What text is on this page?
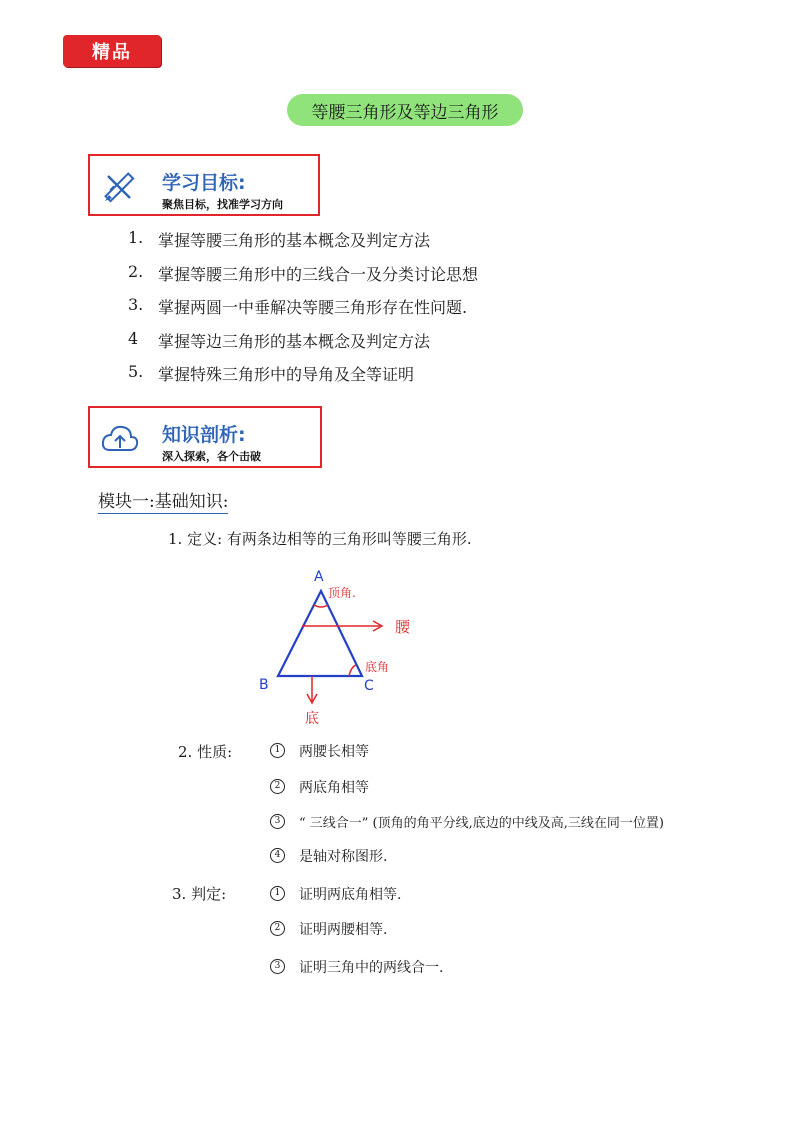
精品
等腰三角形及等边三角形
学习目标:
聚焦目标，找准学习方向
1. 掌握等腰三角形的基本概念及判定方法
2. 掌握等腰三角形中的三线合一及分类讨论思想
3. 掌握两圆一中垂解决等腰三角形存在性问题.
4	掌握等边三角形的基本概念及判定方法
5. 掌握特殊三角形中的导角及全等证明
知识剖析:
深入探索，各个击破
模块一:基础知识:
1. 定义: 有两条边相等的三角形叫等腰三角形.
A
B	C
顶角.
腰
底角
底
2. 性质:	1	两腰长相等
2	两底角相等
3	“ 三线合一” (顶角的角平分线,底边的中线及高,三线在同一位置)
4	是轴对称图形.
3. 判定:	1	证明两底角相等.
2	证明两腰相等.
3	证明三角中的两线合一.
